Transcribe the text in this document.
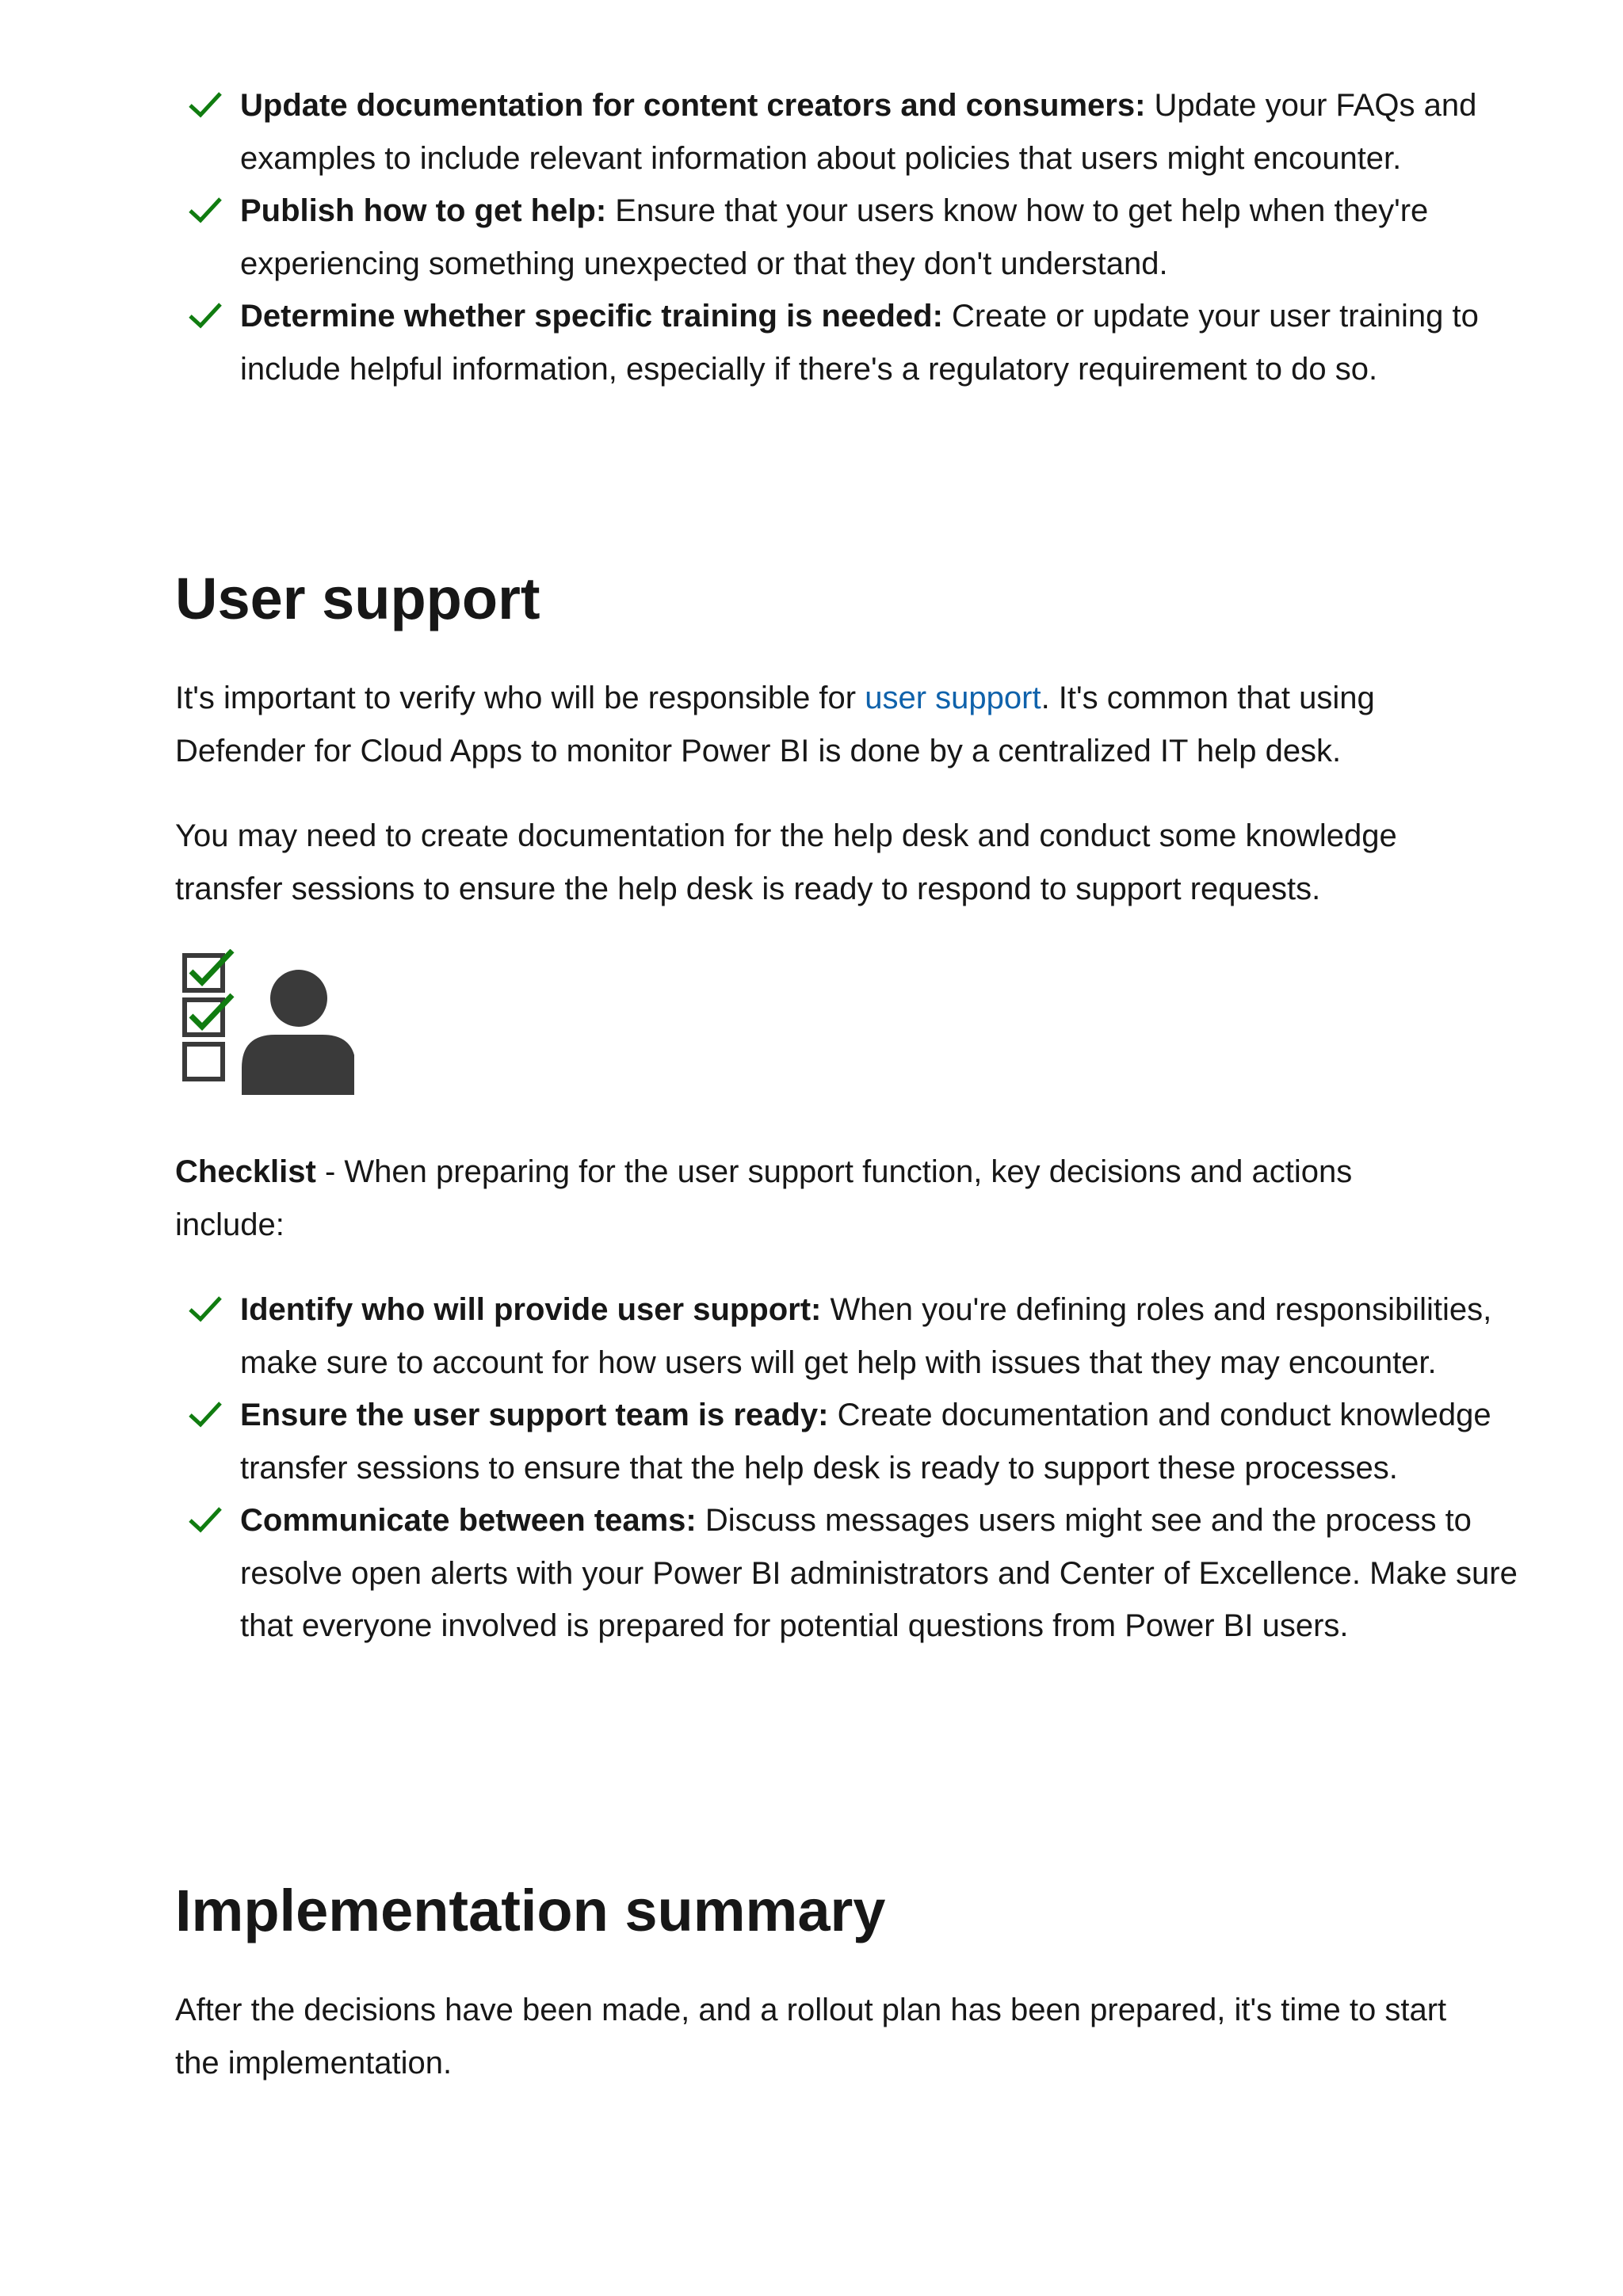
Update documentation for content creators and consumers: Update your FAQs and examples to include relevant information about policies that users might encounter.
Publish how to get help: Ensure that your users know how to get help when they're experiencing something unexpected or that they don't understand.
Determine whether specific training is needed: Create or update your user training to include helpful information, especially if there's a regulatory requirement to do so.
User support

It's important to verify who will be responsible for user support. It's common that using Defender for Cloud Apps to monitor Power BI is done by a centralized IT help desk.

You may need to create documentation for the help desk and conduct some knowledge transfer sessions to ensure the help desk is ready to respond to support requests.

Checklist - When preparing for the user support function, key decisions and actions include:

Identify who will provide user support: When you're defining roles and responsibilities, make sure to account for how users will get help with issues that they may encounter.
Ensure the user support team is ready: Create documentation and conduct knowledge transfer sessions to ensure that the help desk is ready to support these processes.
Communicate between teams: Discuss messages users might see and the process to resolve open alerts with your Power BI administrators and Center of Excellence. Make sure that everyone involved is prepared for potential questions from Power BI users.
Implementation summary

After the decisions have been made, and a rollout plan has been prepared, it's time to start the implementation.
